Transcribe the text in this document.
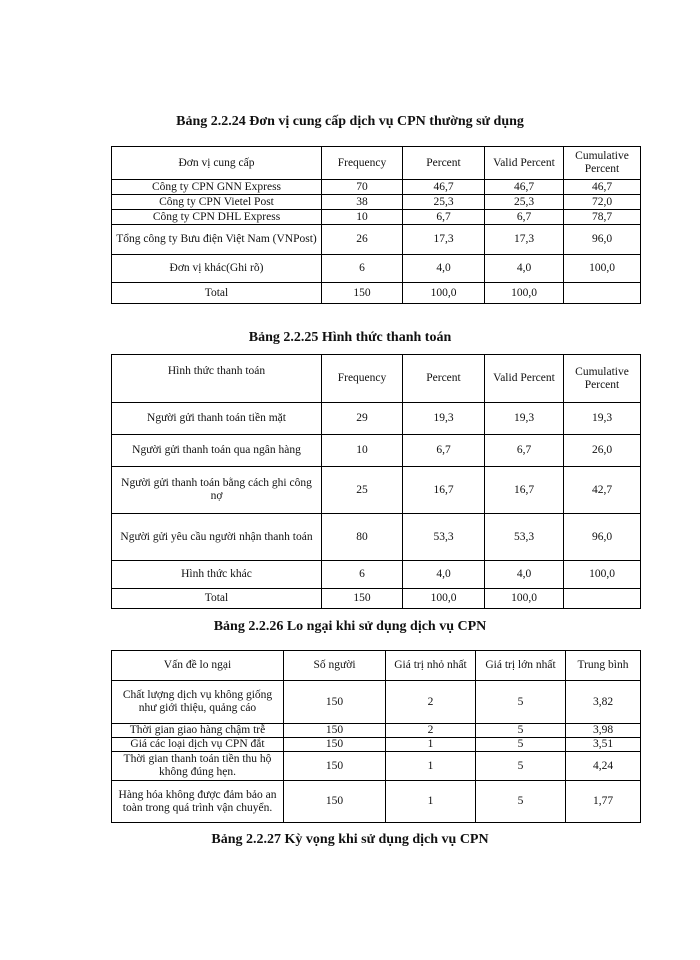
Bảng 2.2.24 Đơn vị cung cấp dịch vụ CPN thường sử dụng
Đơn vị cung cấp	Frequency	Percent	Valid Percent	Cumulative Percent
Công ty CPN GNN Express	70	46,7	46,7	46,7
Công ty CPN Vietel Post	38	25,3	25,3	72,0
Công ty CPN DHL Express	10	6,7	6,7	78,7
Tổng công ty Bưu điện Việt Nam (VNPost)	26	17,3	17,3	96,0
Đơn vị khác(Ghi rõ)	6	4,0	4,0	100,0
Total	150	100,0	100,0	
Bảng 2.2.25 Hình thức thanh toán
Hình thức thanh toán	Frequency	Percent	Valid Percent	Cumulative Percent
Người gửi thanh toán tiền mặt	29	19,3	19,3	19,3
Người gửi thanh toán qua ngân hàng	10	6,7	6,7	26,0
Người gửi thanh toán bằng cách ghi công nợ	25	16,7	16,7	42,7
Người gửi yêu cầu người nhận thanh toán	80	53,3	53,3	96,0
Hình thức khác	6	4,0	4,0	100,0
Total	150	100,0	100,0	
Bảng 2.2.26 Lo ngại khi sử dụng dịch vụ CPN
Vấn đề lo ngại	Số người	Giá trị nhỏ nhất	Giá trị lớn nhất	Trung bình
Chất lượng dịch vụ không giống như giới thiệu, quảng cáo	150	2	5	3,82
Thời gian giao hàng chậm trễ	150	2	5	3,98
Giá các loại dịch vụ CPN đắt	150	1	5	3,51
Thời gian thanh toán tiền thu hộ không đúng hẹn.	150	1	5	4,24
Hàng hóa không được đảm bảo an toàn trong quá trình vận chuyển.	150	1	5	1,77
Bảng 2.2.27 Kỳ vọng khi sử dụng dịch vụ CPN
